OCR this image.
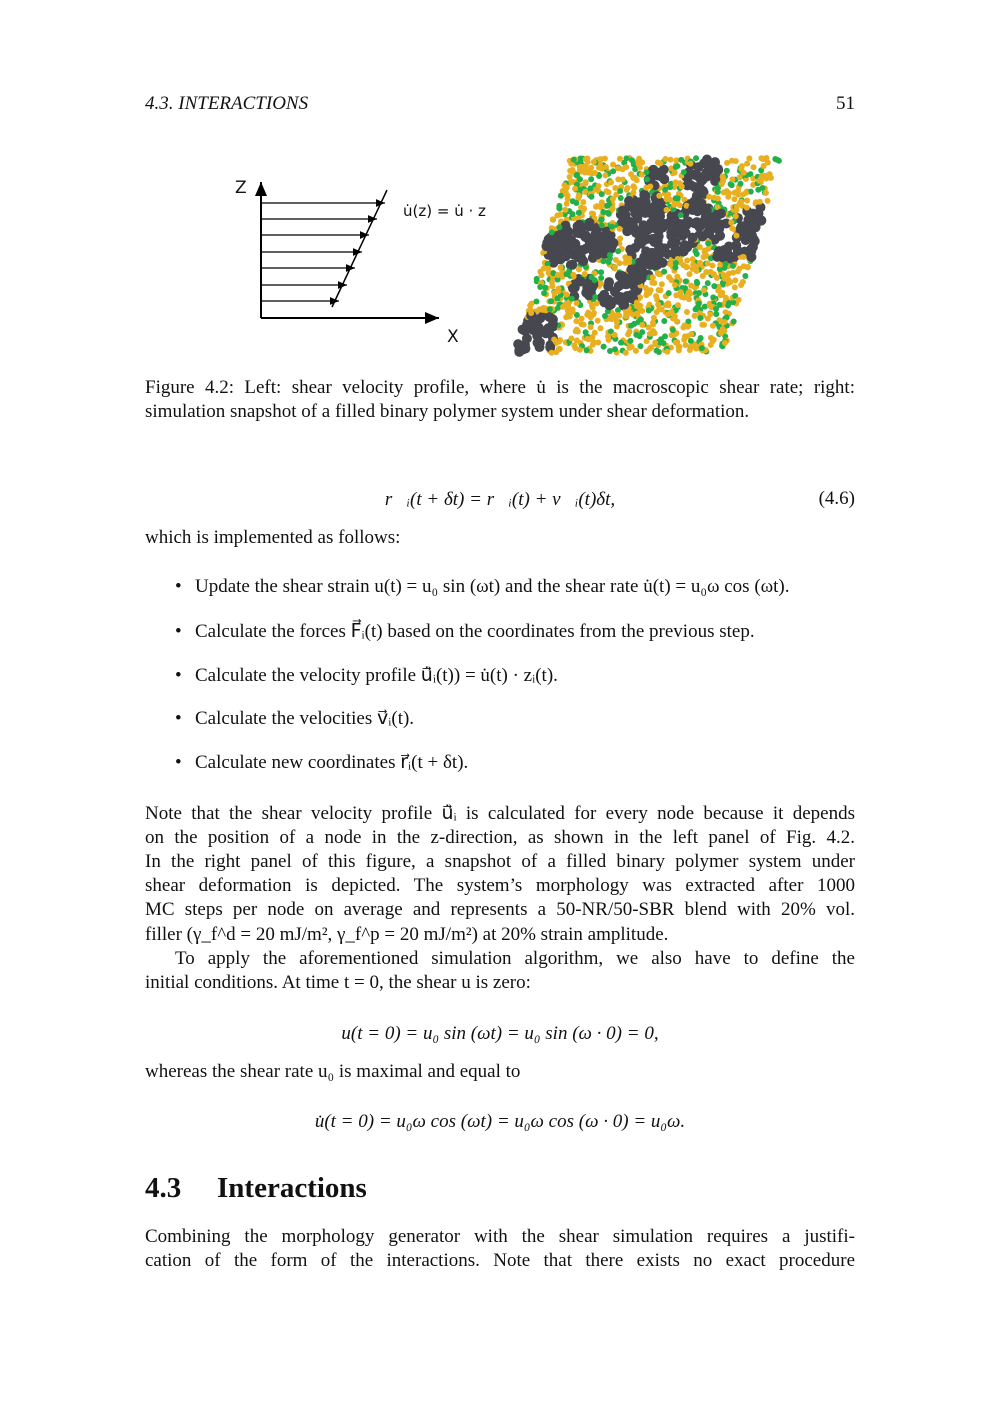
4.3. INTERACTIONS	51
Z
X
u̇(z) = u̇ · z
Figure 4.2: Left: shear velocity profile, where u̇ is the macroscopic shear rate; right:
simulation snapshot of a filled binary polymer system under shear deformation.
r⃗ᵢ(t + δt) = r⃗ᵢ(t) + v⃗ᵢ(t)δt,	(4.6)
which is implemented as follows:
• Update the shear strain u(t) = u₀ sin (ωt) and the shear rate u̇(t) = u₀ω cos (ωt).
• Calculate the forces F⃗ᵢ(t) based on the coordinates from the previous step.
• Calculate the velocity profile u⃗̇ᵢ(t)) = u̇(t) · zᵢ(t).
• Calculate the velocities v⃗ᵢ(t).
• Calculate new coordinates r⃗ᵢ(t + δt).
Note that the shear velocity profile u⃗̇ᵢ is calculated for every node because it depends
on the position of a node in the z-direction, as shown in the left panel of Fig. 4.2.
In the right panel of this figure, a snapshot of a filled binary polymer system under
shear deformation is depicted. The system’s morphology was extracted after 1000
MC steps per node on average and represents a 50-NR/50-SBR blend with 20% vol.
filler (γ_f^d = 20 mJ/m², γ_f^p = 20 mJ/m²) at 20% strain amplitude.
To apply the aforementioned simulation algorithm, we also have to define the
initial conditions. At time t = 0, the shear u is zero:
u(t = 0) = u₀ sin (ωt) = u₀ sin (ω · 0) = 0,
whereas the shear rate u₀ is maximal and equal to
u̇(t = 0) = u₀ω cos (ωt) = u₀ω cos (ω · 0) = u₀ω.
4.3 Interactions
Combining the morphology generator with the shear simulation requires a justifi-
cation of the form of the interactions. Note that there exists no exact procedure
